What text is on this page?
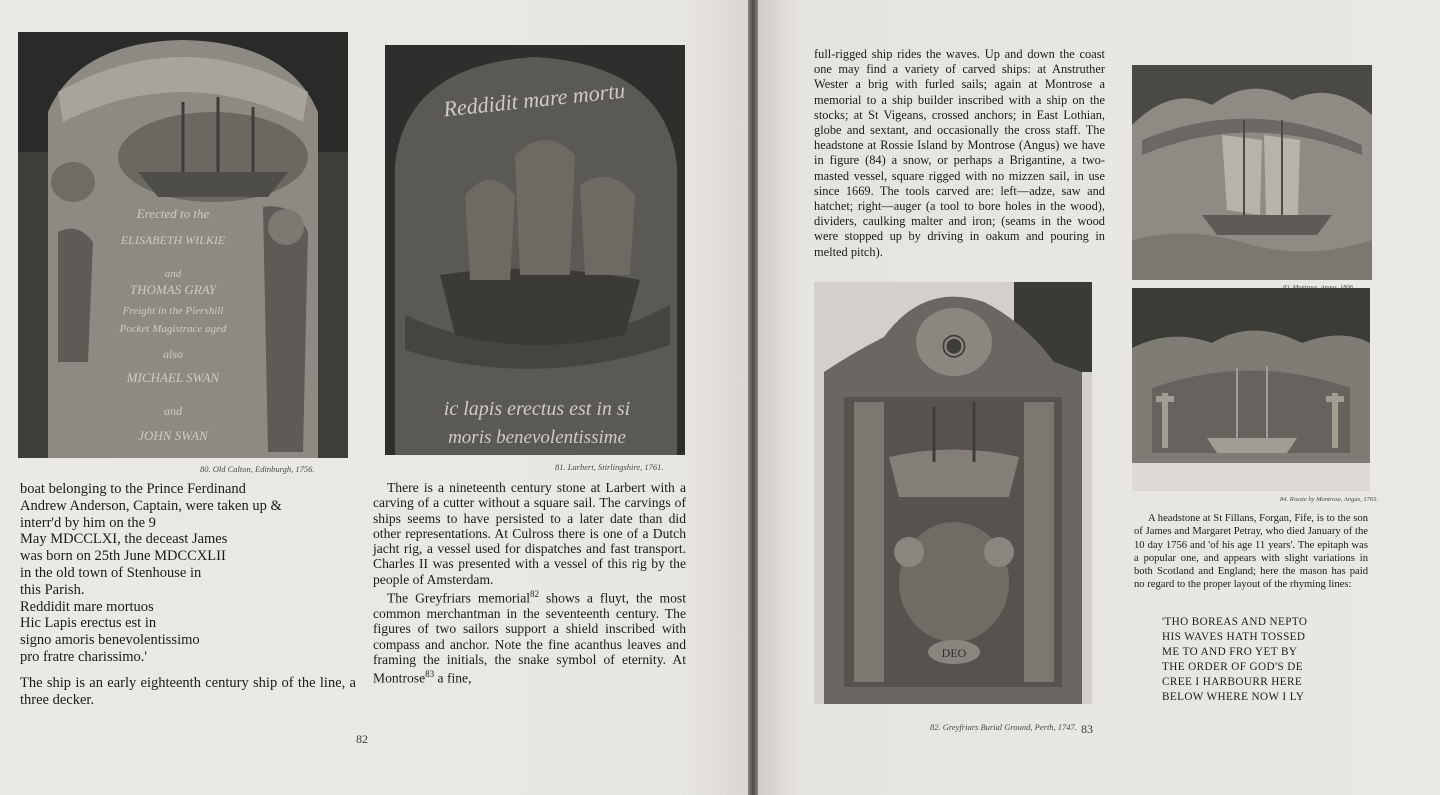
Erected to the
ELISABETH WILKIE
and
THOMAS GRAY
Freight in the Piershill
Pocket Magistrace aged
also
MICHAEL SWAN
and
JOHN SWAN
80. Old Calton, Edinburgh, 1756.
Reddidit mare mortu
ic lapis erectus est in si
moris benevolentissime
81. Larbert, Stirlingshire, 1761.
boat belonging to the Prince Ferdinand
Andrew Anderson, Captain, were taken up &
interr'd by him on the 9
May MDCCLXI, the deceast James
was born on 25th June MDCCXLII
in the old town of Stenhouse in
this Parish.
Reddidit mare mortuos
Hic Lapis erectus est in
signo amoris benevolentissimo
pro fratre charissimo.'

The ship is an early eighteenth century ship of the line, a three decker.

There is a nineteenth century stone at Larbert with a carving of a cutter without a square sail. The carvings of ships seems to have persisted to a later date than did other representations. At Culross there is one of a Dutch jacht rig, a vessel used for dispatches and fast transport. Charles II was presented with a vessel of this rig by the people of Amsterdam.

The Greyfriars memorial$^{82}$ shows a fluyt, the most common merchantman in the seventeenth century. The figures of two sailors support a shield inscribed with compass and anchor. Note the fine acanthus leaves and framing the initials, the snake symbol of eternity. At Montrose$^{83}$ a fine,

82

full-rigged ship rides the waves. Up and down the coast one may find a variety of carved ships: at Anstruther Wester a brig with furled sails; again at Montrose a memorial to a ship builder inscribed with a ship on the stocks; at St Vigeans, crossed anchors; in East Lothian, globe and sextant, and occasionally the cross staff. The headstone at Rossie Island by Montrose (Angus) we have in figure (84) a snow, or perhaps a Brigantine, a two-masted vessel, square rigged with no mizzen sail, in use since 1669. The tools carved are: left—adze, saw and hatchet; right—auger (a tool to bore holes in the wood), dividers, caulking malter and iron; (seams in the wood were stopped up by driving in oakum and pouring in melted pitch).

◉
DEO
82. Greyfriars Burial Ground, Perth, 1747.
84. Rossie by Montrose, Angus, 1765.

A headstone at St Fillans, Forgan, Fife, is to the son of James and Margaret Petray, who died January of the 10 day 1756 and 'of his age 11 years'. The epitaph was a popular one, and appears with slight variations in both Scotland and England; here the mason has paid no regard to the proper layout of the rhyming lines:

'THO BOREAS AND NEPTO
HIS WAVES HATH TOSSED
ME TO AND FRO YET BY
THE ORDER OF GOD'S DE
CREE I HARBOURR HERE
BELOW WHERE NOW I LY
83
